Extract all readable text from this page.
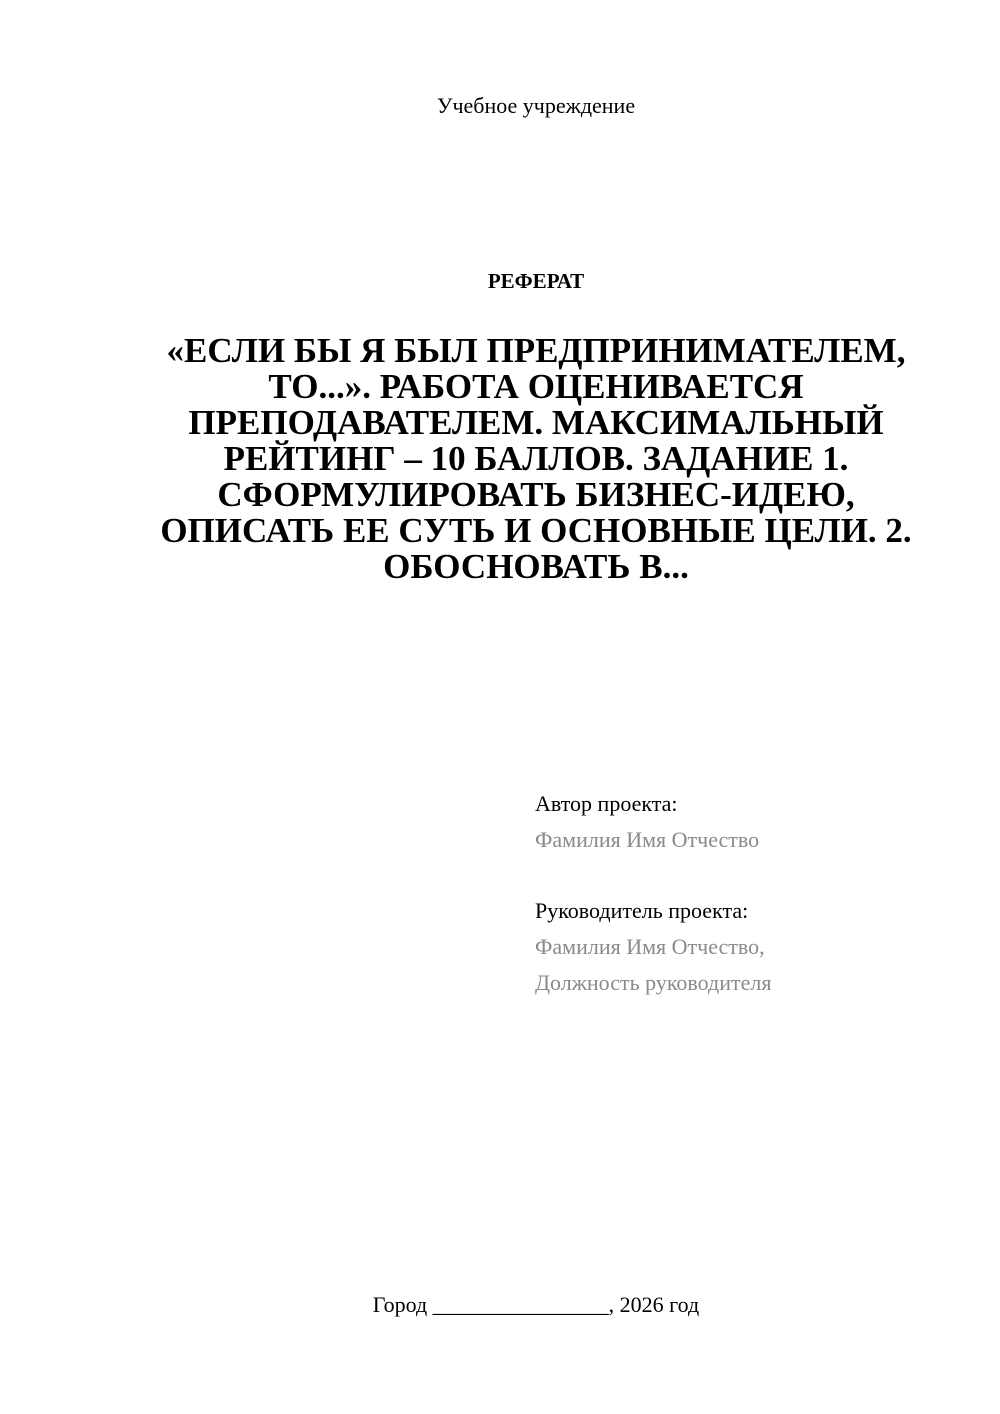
Учебное учреждение
РЕФЕРАТ
«ЕСЛИ БЫ Я БЫЛ ПРЕДПРИНИМАТЕЛЕМ, ТО...». РАБОТА ОЦЕНИВАЕТСЯ ПРЕПОДАВАТЕЛЕМ. МАКСИМАЛЬНЫЙ РЕЙТИНГ – 10 БАЛЛОВ. ЗАДАНИЕ 1. СФОРМУЛИРОВАТЬ БИЗНЕС-ИДЕЮ, ОПИСАТЬ ЕЕ СУТЬ И ОСНОВНЫЕ ЦЕЛИ. 2. ОБОСНОВАТЬ В...
Автор проекта:
Фамилия Имя Отчество
Руководитель проекта:
Фамилия Имя Отчество,
Должность руководителя
Город ________________, 2026 год
